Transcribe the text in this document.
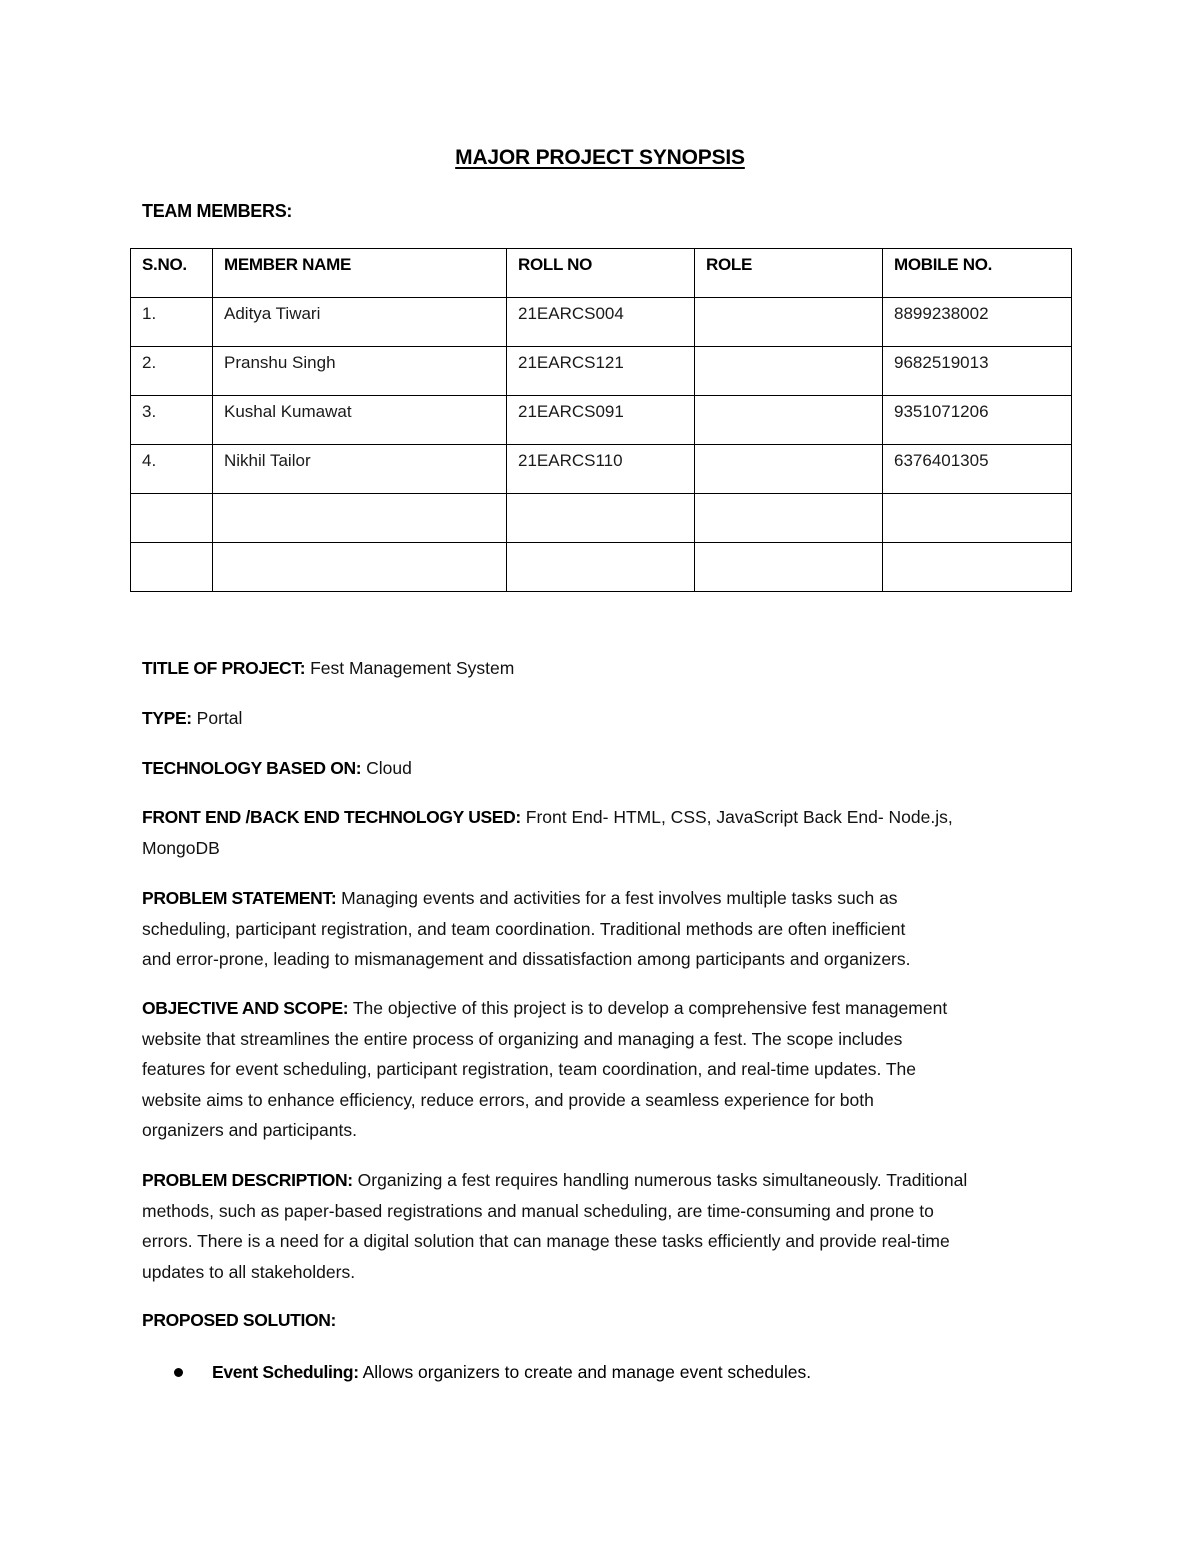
MAJOR PROJECT SYNOPSIS
TEAM MEMBERS:
S.NO.	MEMBER NAME	ROLL NO	ROLE	MOBILE NO.
1.	Aditya Tiwari	21EARCS004		8899238002
2.	Pranshu Singh	21EARCS121		9682519013
3.	Kushal Kumawat	21EARCS091		9351071206
4.	Nikhil Tailor	21EARCS110		6376401305

TITLE OF PROJECT: Fest Management System
TYPE: Portal
TECHNOLOGY BASED ON: Cloud
FRONT END /BACK END TECHNOLOGY USED: Front End- HTML, CSS, JavaScript Back End- Node.js,
MongoDB
PROBLEM STATEMENT: Managing events and activities for a fest involves multiple tasks such as
scheduling, participant registration, and team coordination. Traditional methods are often inefficient
and error-prone, leading to mismanagement and dissatisfaction among participants and organizers.
OBJECTIVE AND SCOPE: The objective of this project is to develop a comprehensive fest management
website that streamlines the entire process of organizing and managing a fest. The scope includes
features for event scheduling, participant registration, team coordination, and real-time updates. The
website aims to enhance efficiency, reduce errors, and provide a seamless experience for both
organizers and participants.
PROBLEM DESCRIPTION: Organizing a fest requires handling numerous tasks simultaneously. Traditional
methods, such as paper-based registrations and manual scheduling, are time-consuming and prone to
errors. There is a need for a digital solution that can manage these tasks efficiently and provide real-time
updates to all stakeholders.
PROPOSED SOLUTION:
Event Scheduling: Allows organizers to create and manage event schedules.
